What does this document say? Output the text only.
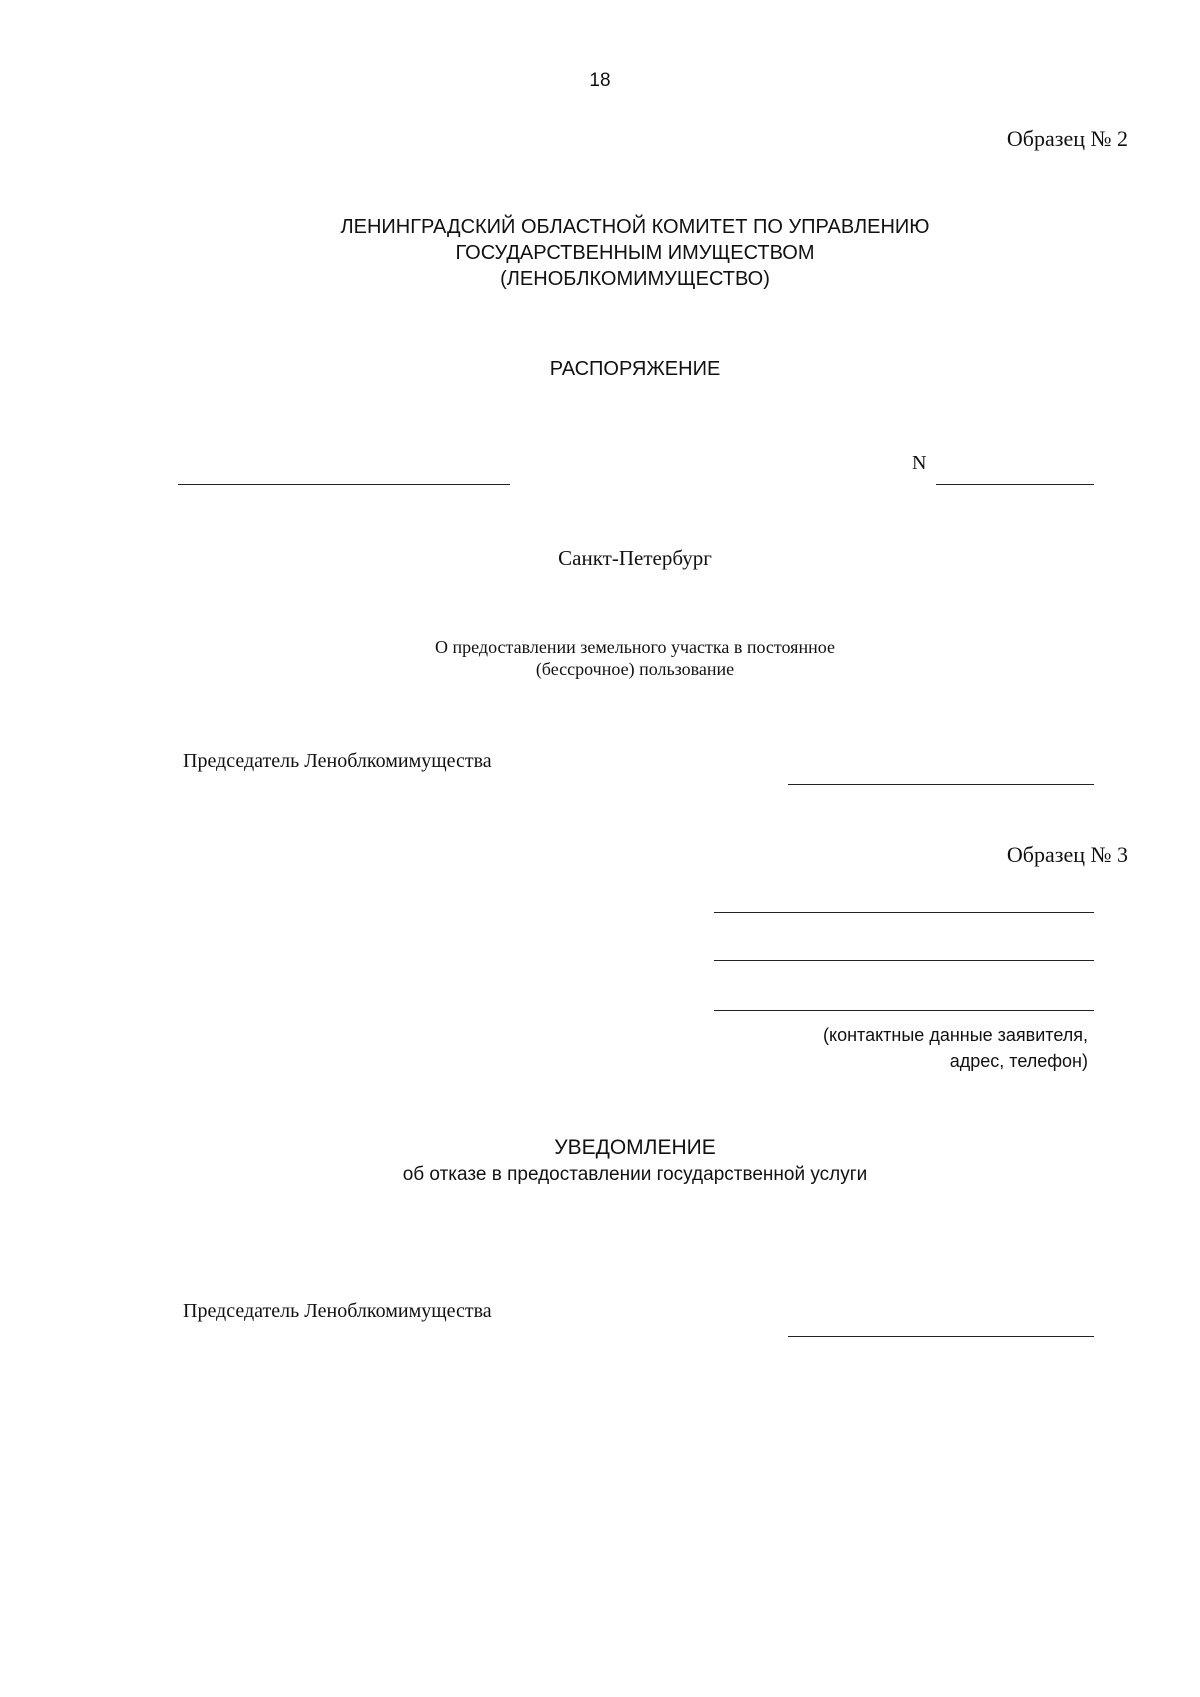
18
Образец № 2
ЛЕНИНГРАДСКИЙ ОБЛАСТНОЙ КОМИТЕТ ПО УПРАВЛЕНИЮ
ГОСУДАРСТВЕННЫМ ИМУЩЕСТВОМ
(ЛЕНОБЛКОМИМУЩЕСТВО)
РАСПОРЯЖЕНИЕ
N
Санкт-Петербург
О предоставлении земельного участка в постоянное
(бессрочное) пользование
Председатель Леноблкомимущества
Образец № 3
(контактные данные заявителя,
адрес, телефон)
УВЕДОМЛЕНИЕ
об отказе в предоставлении государственной услуги
Председатель Леноблкомимущества
